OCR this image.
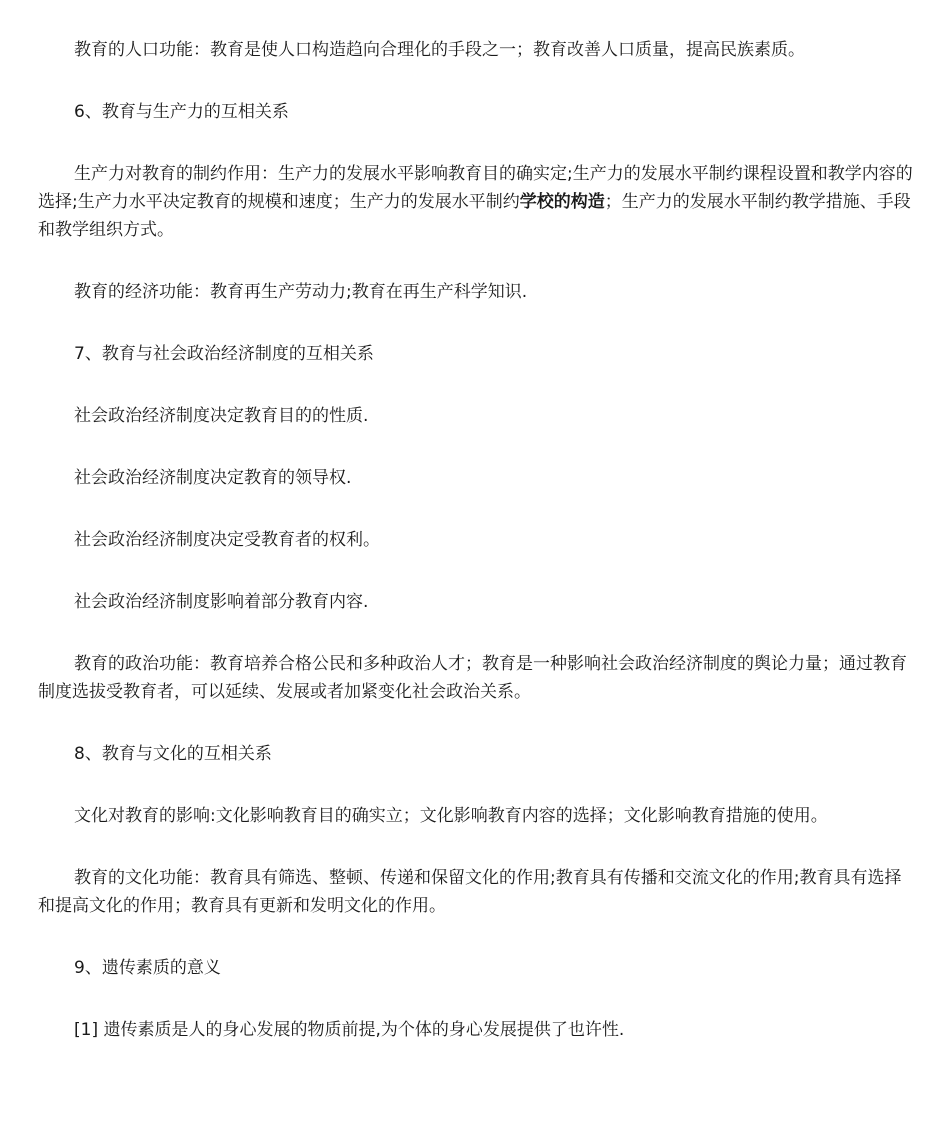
教育的人口功能：教育是使人口构造趋向合理化的手段之一；教育改善人口质量，提高民族素质。

6、教育与生产力的互相关系

生产力对教育的制约作用：生产力的发展水平影响教育目的确实定;生产力的发展水平制约课程设置和教学内容的选择;生产力水平决定教育的规模和速度；生产力的发展水平制约学校的构造；生产力的发展水平制约教学措施、手段和教学组织方式。

教育的经济功能：教育再生产劳动力;教育在再生产科学知识.

7、教育与社会政治经济制度的互相关系

社会政治经济制度决定教育目的的性质.

社会政治经济制度决定教育的领导权.

社会政治经济制度决定受教育者的权利。

社会政治经济制度影响着部分教育内容.

教育的政治功能：教育培养合格公民和多种政治人才；教育是一种影响社会政治经济制度的舆论力量；通过教育制度选拔受教育者，可以延续、发展或者加紧变化社会政治关系。

8、教育与文化的互相关系

文化对教育的影响:文化影响教育目的确实立；文化影响教育内容的选择；文化影响教育措施的使用。

教育的文化功能：教育具有筛选、整顿、传递和保留文化的作用;教育具有传播和交流文化的作用;教育具有选择和提高文化的作用；教育具有更新和发明文化的作用。

9、遗传素质的意义

[1] 遗传素质是人的身心发展的物质前提,为个体的身心发展提供了也许性.
